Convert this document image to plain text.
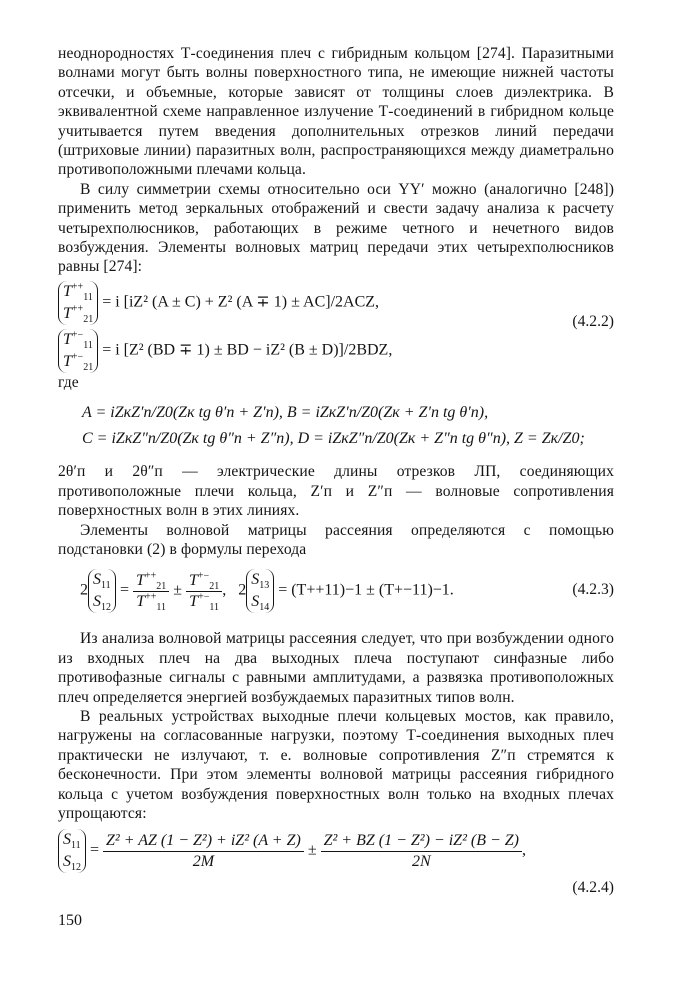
неоднородностях Т-соединения плеч с гибридным кольцом [274]. Паразитными волнами могут быть волны поверхностного типа, не имеющие нижней частоты отсечки, и объемные, которые зависят от толщины слоев диэлектрика. В эквивалентной схеме направленное излучение Т-соединений в гибридном кольце учитывается путем введения дополнительных отрезков линий передачи (штриховые линии) паразитных волн, распространяющихся между диаметрально противоположными плечами кольца.

В силу симметрии схемы относительно оси YY′ можно (аналогично [248]) применить метод зеркальных отображений и свести задачу анализа к расчету четырехполюсников, работающих в режиме четного и нечетного видов возбуждения. Элементы волновых матриц передачи этих четырехполюсников равны [274]:

$T^{++}_{11}$
$T^{++}_{21} = i$ [iZ² (A ± C) + Z² (A ∓ 1) ± AC]/2ACZ,
$T^{+-}_{11}$
$T^{+-}_{21} = i$ [Z² (BD ∓ 1) ± BD − iZ² (B ± D)]/2BDZ,
(4.2.2)

где

A = iZкZ′п/Z0(Zк tg θ′п + Z′п), B = iZкZ′п/Z0(Zк + Z′п tg θ′п),
C = iZкZ″п/Z0(Zк tg θ″п + Z″п), D = iZкZ″п/Z0(Zк + Z″п tg θ″п), Z = Zк/Z0;

2θ′п и 2θ″п — электрические длины отрезков ЛП, соединяющих противоположные плечи кольца, Z′п и Z″п — волновые сопротивления поверхностных волн в этих линиях.

Элементы волновой матрицы рассеяния определяются с помощью подстановки (2) в формулы перехода

$2S_{11}$
$S_{12} = \frac{T^{++}_{21}}{T^{++}_{11}} \pm \frac{T^{+-}_{21}}{T^{+-}_{11}}$ ,   $2S_{13}$
$S_{14} = (T++11)-1 \pm (T+-11)-1$.	(4.2.3)

Из анализа волновой матрицы рассеяния следует, что при возбуждении одного из входных плеч на два выходных плеча поступают синфазные либо противофазные сигналы с равными амплитудами, а развязка противоположных плеч определяется энергией возбуждаемых паразитных типов волн.

В реальных устройствах выходные плечи кольцевых мостов, как правило, нагружены на согласованные нагрузки, поэтому Т-соединения выходных плеч практически не излучают, т. е. волновые сопротивления Z″п стремятся к бесконечности. При этом элементы волновой матрицы рассеяния гибридного кольца с учетом возбуждения поверхностных волн только на входных плечах упрощаются:

$S_{11}$
$S_{12} = \frac{\text{Z² + AZ (1 − Z²) + iZ² (A + Z)}}{2M} \pm \frac{\text{Z² + BZ (1 − Z²) − iZ² (B − Z)}}{2N}$ ,
(4.2.4)
150
